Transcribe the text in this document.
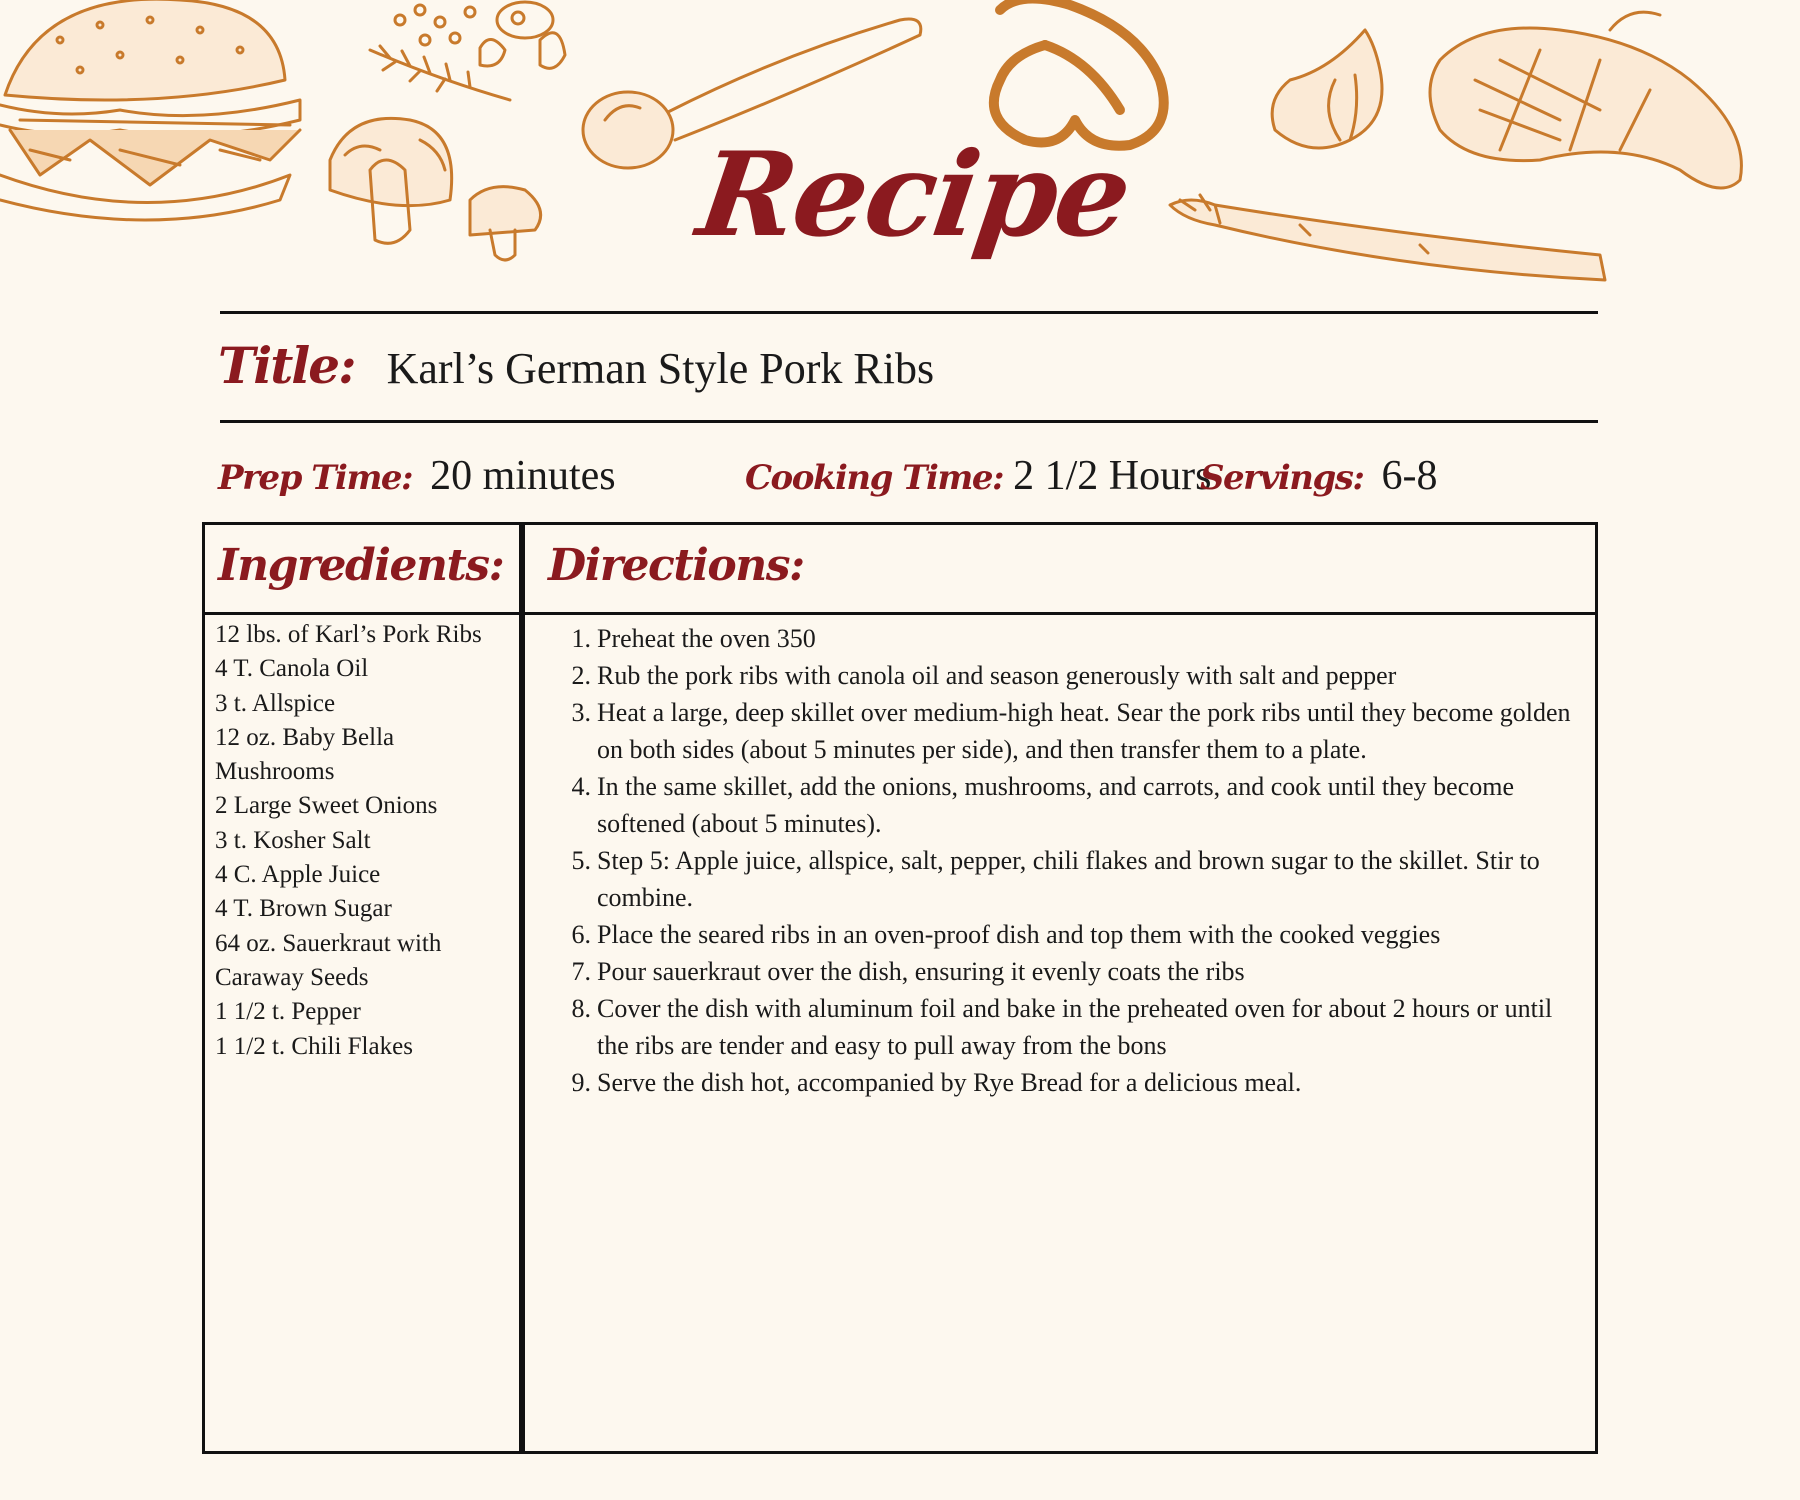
Recipe
Title: Karl’s German Style Pork Ribs
Prep Time: 20 minutes	Cooking Time: 2 1/2 Hours
Servings: 6-8
Ingredients: Directions:
12 lbs. of Karl’s Pork Ribs
4 T. Canola Oil
3 t. Allspice
12 oz. Baby Bella
Mushrooms
2 Large Sweet Onions
3 t. Kosher Salt
4 C. Apple Juice
4 T. Brown Sugar
64 oz. Sauerkraut with
Caraway Seeds
1 1/2 t. Pepper
1 1/2 t. Chili Flakes
1. Preheat the oven 350
2. Rub the pork ribs with canola oil and season generously with salt and pepper
3. Heat a large, deep skillet over medium-high heat. Sear the pork ribs until they become golden on both sides (about 5 minutes per side), and then transfer them to a plate.
4. In the same skillet, add the onions, mushrooms, and carrots, and cook until they become softened (about 5 minutes).
5. Step 5: Apple juice, allspice, salt, pepper, chili flakes and brown sugar to the skillet. Stir to combine.
6. Place the seared ribs in an oven-proof dish and top them with the cooked veggies
7. Pour sauerkraut over the dish, ensuring it evenly coats the ribs
8. Cover the dish with aluminum foil and bake in the preheated oven for about 2 hours or until the ribs are tender and easy to pull away from the bons
9. Serve the dish hot, accompanied by Rye Bread for a delicious meal.
